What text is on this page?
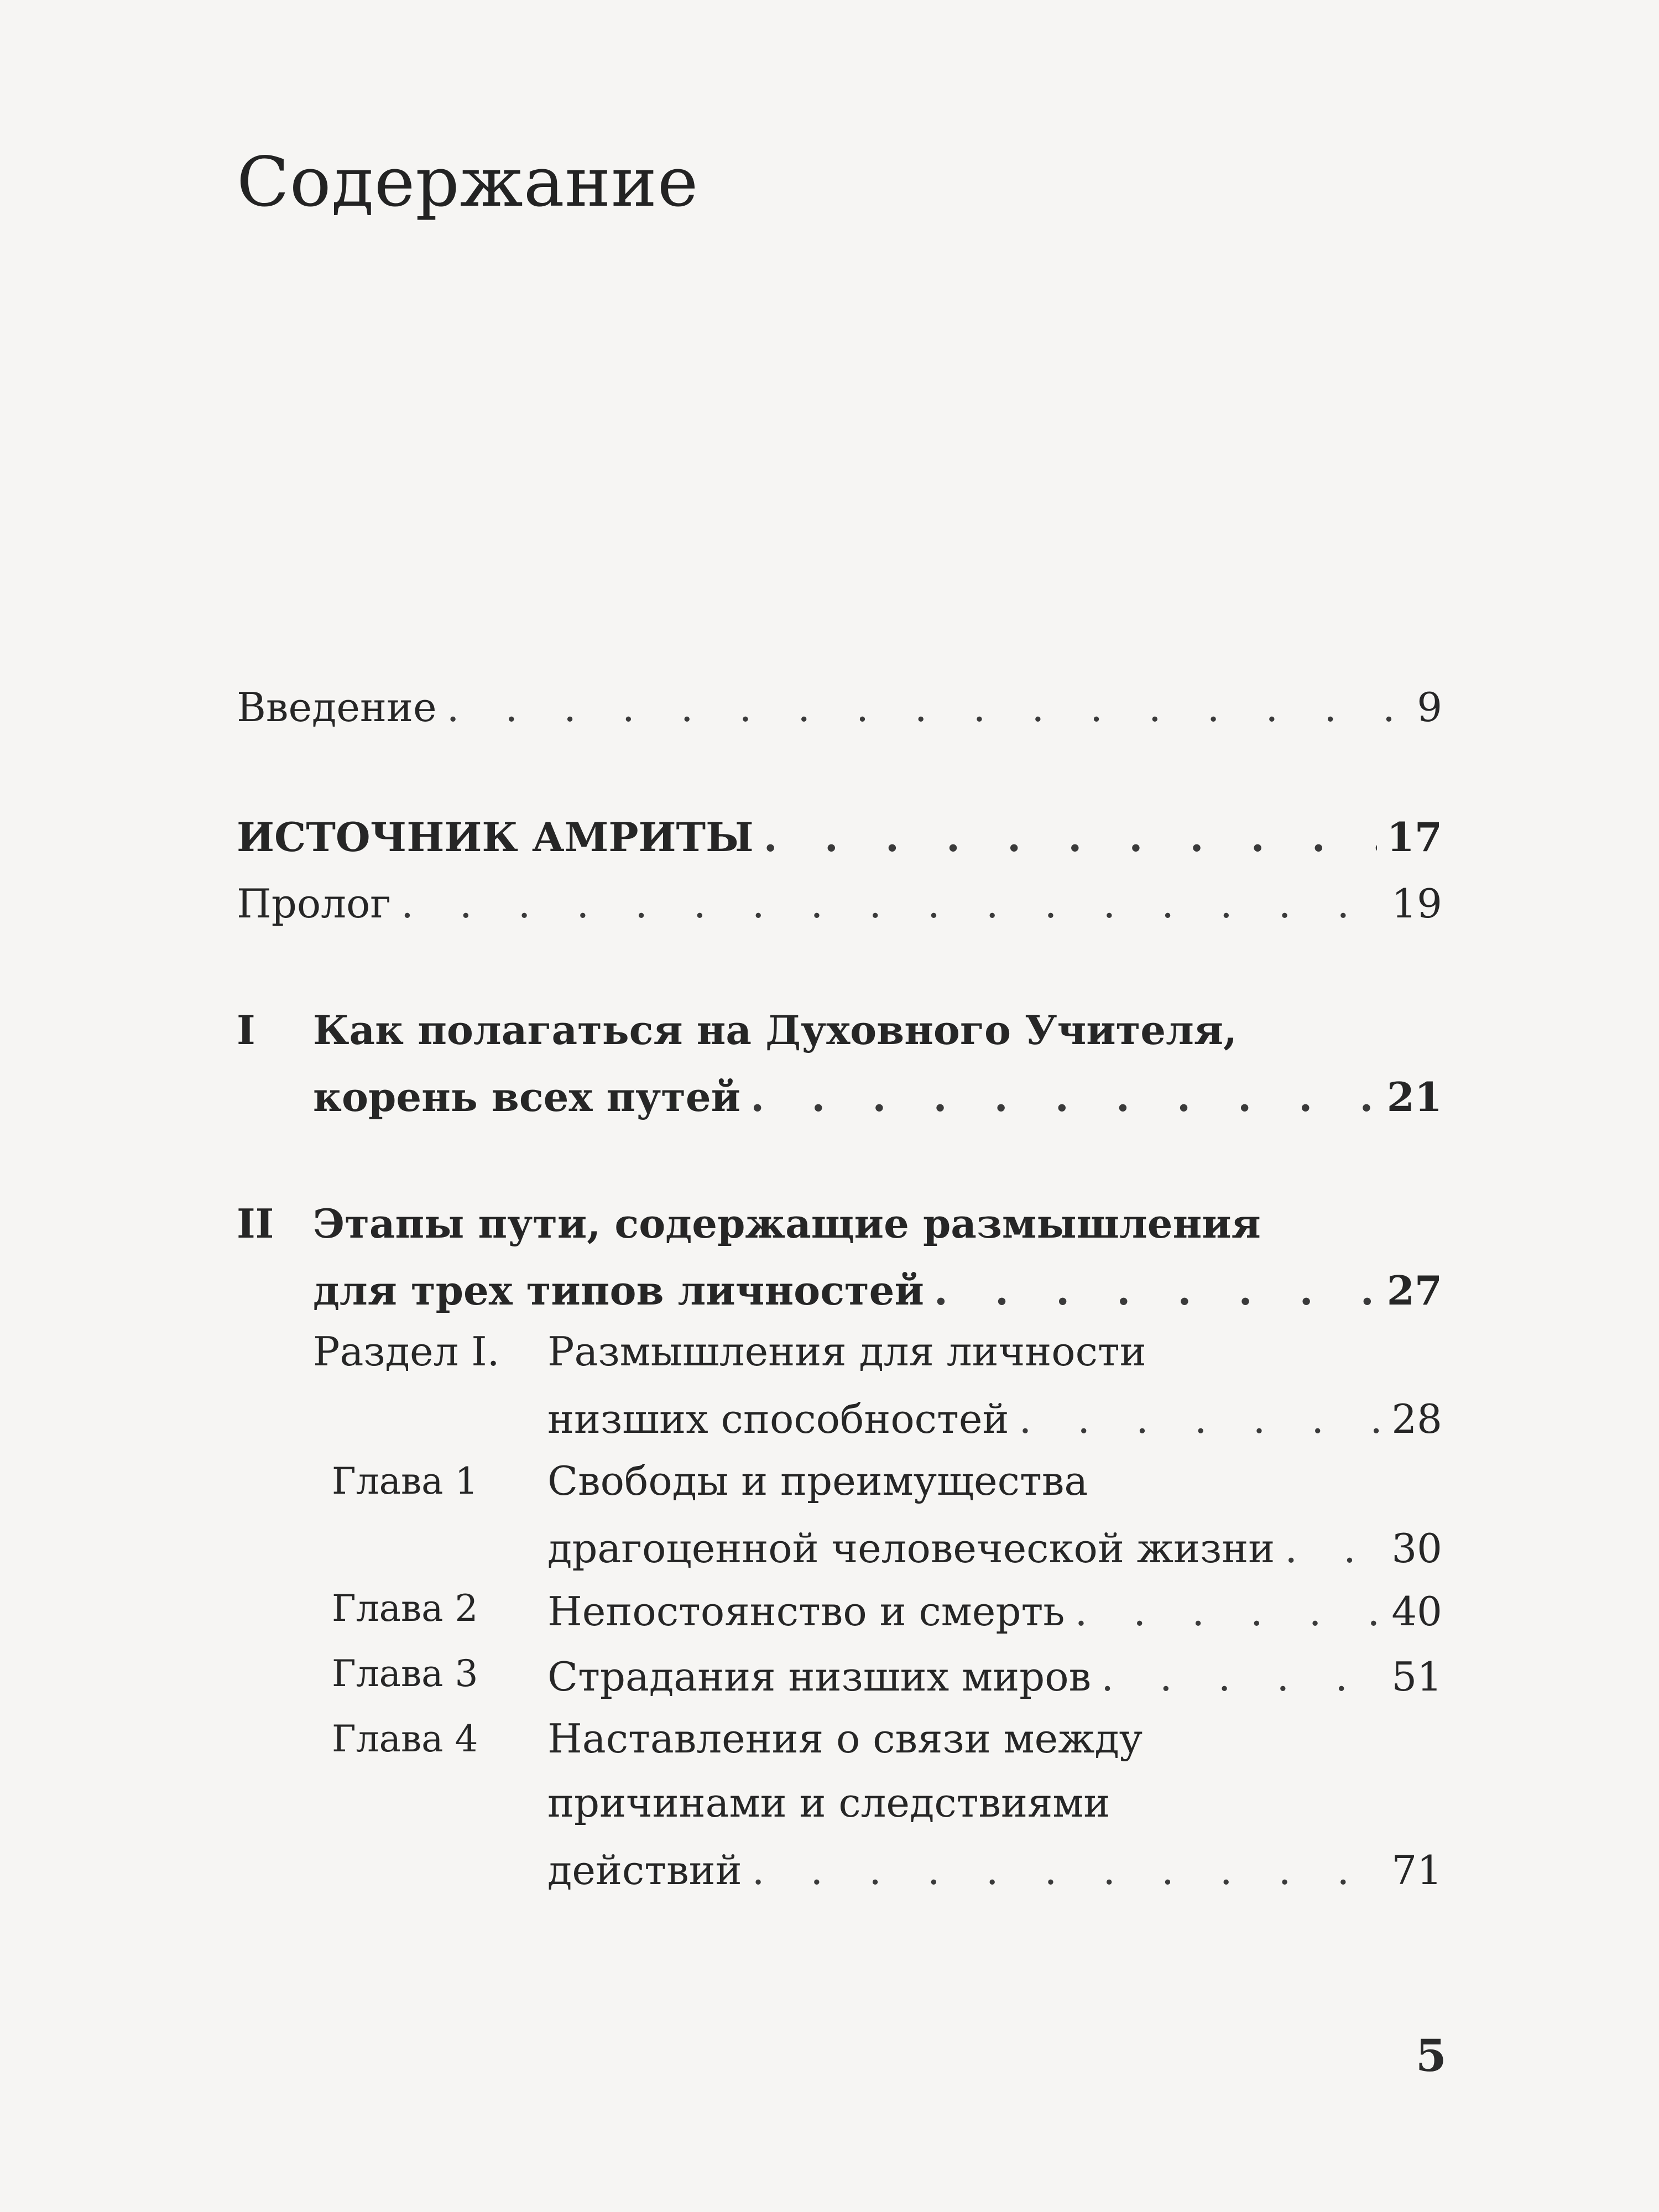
Содержание
Введение . . .	9
ИСТОЧНИК АМРИТЫ . . .	17
Пролог . . .	19
I Как полагаться на Духовного Учителя,
корень всех путей . . .	21
II Этапы пути, содержащие размышления
для трех типов личностей . . .	27
Раздел I. Размышления для личности
низших способностей . . .	28
Глава 1 Свободы и преимущества
драгоценной человеческой жизни . . .	30
Глава 2 Непостоянство и смерть . . .	40
Глава 3 Страдания низших миров . . .	51
Глава 4 Наставления о связи между
причинами и следствиями
действий . . .	71
5
